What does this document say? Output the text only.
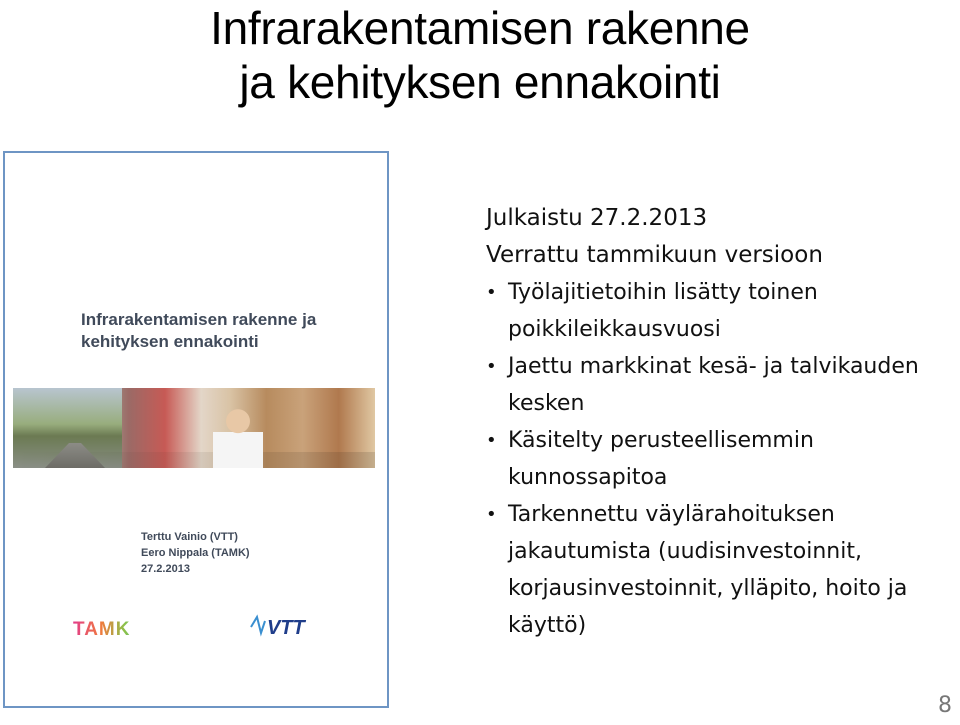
Infrarakentamisen rakenne
ja kehityksen ennakointi
Infrarakentamisen rakenne ja
kehityksen ennakointi
Terttu Vainio (VTT)
Eero Nippala (TAMK)
27.2.2013
TAMK	VTT
Julkaistu 27.2.2013
Verrattu tammikuun versioon
• Työlajitietoihin lisätty toinen poikkileikkausvuosi
• Jaettu markkinat kesä- ja talvikauden kesken
• Käsitelty perusteellisemmin kunnossapitoa
• Tarkennettu väylärahoituksen jakautumista (uudisinvestoinnit, korjausinvestoinnit, ylläpito, hoito ja käyttö)
8
